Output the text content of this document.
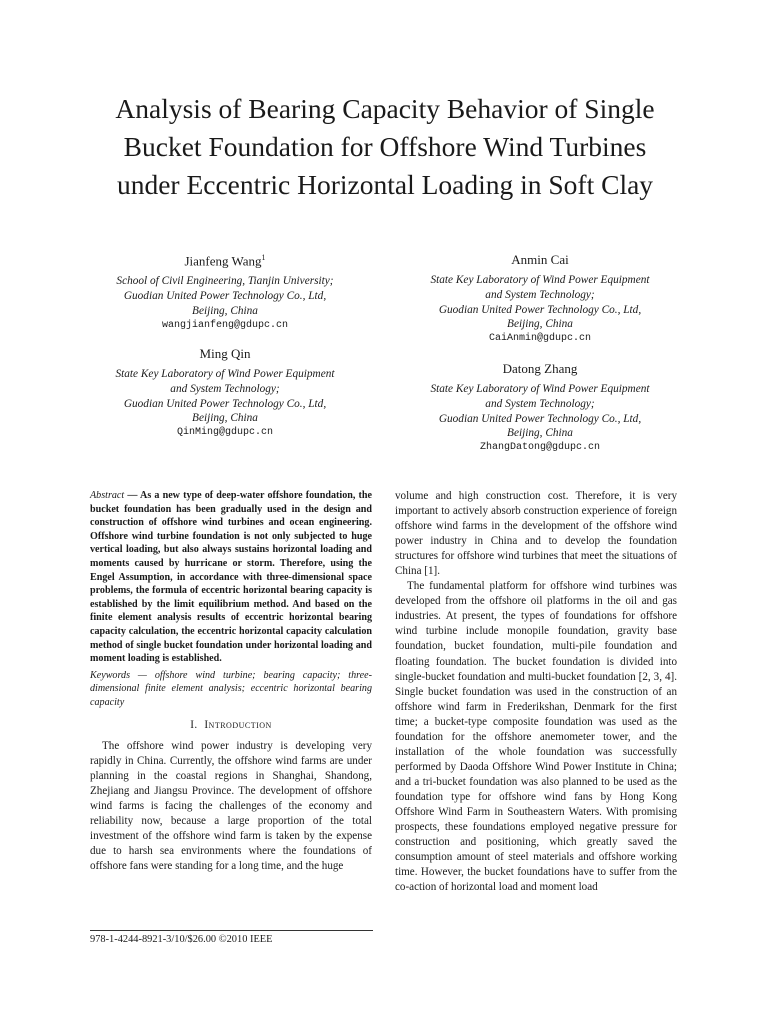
Analysis of Bearing Capacity Behavior of Single Bucket Foundation for Offshore Wind Turbines under Eccentric Horizontal Loading in Soft Clay
Jianfeng Wang$^1$
School of Civil Engineering, Tianjin University;
Guodian United Power Technology Co., Ltd,
Beijing, China
wangjianfeng@gdupc.cn
Anmin Cai
State Key Laboratory of Wind Power Equipment
and System Technology;
Guodian United Power Technology Co., Ltd,
Beijing, China
CaiAnmin@gdupc.cn
Ming Qin
State Key Laboratory of Wind Power Equipment
and System Technology;
Guodian United Power Technology Co., Ltd,
Beijing, China
QinMing@gdupc.cn
Datong Zhang
State Key Laboratory of Wind Power Equipment
and System Technology;
Guodian United Power Technology Co., Ltd,
Beijing, China
ZhangDatong@gdupc.cn
Abstract — As a new type of deep-water offshore foundation, the bucket foundation has been gradually used in the design and construction of offshore wind turbines and ocean engineering. Offshore wind turbine foundation is not only subjected to huge vertical loading, but also always sustains horizontal loading and moments caused by hurricane or storm. Therefore, using the Engel Assumption, in accordance with three-dimensional space problems, the formula of eccentric horizontal bearing capacity is established by the limit equilibrium method. And based on the finite element analysis results of eccentric horizontal bearing capacity calculation, the eccentric horizontal capacity calculation method of single bucket foundation under horizontal loading and moment loading is established.
Keywords — offshore wind turbine; bearing capacity; three-dimensional finite element analysis; eccentric horizontal bearing capacity
I. Introduction

The offshore wind power industry is developing very rapidly in China. Currently, the offshore wind farms are under planning in the coastal regions in Shanghai, Shandong, Zhejiang and Jiangsu Province. The development of offshore wind farms is facing the challenges of the economy and reliability now, because a large proportion of the total investment of the offshore wind farm is taken by the expense due to harsh sea environments where the foundations of offshore fans were standing for a long time, and the huge

volume and high construction cost. Therefore, it is very important to actively absorb construction experience of foreign offshore wind farms in the development of the offshore wind power industry in China and to develop the foundation structures for offshore wind turbines that meet the situations of China [1].

The fundamental platform for offshore wind turbines was developed from the offshore oil platforms in the oil and gas industries. At present, the types of foundations for offshore wind turbine include monopile foundation, gravity base foundation, bucket foundation, multi-pile foundation and floating foundation. The bucket foundation is divided into single-bucket foundation and multi-bucket foundation [2, 3, 4]. Single bucket foundation was used in the construction of an offshore wind farm in Frederikshan, Denmark for the first time; a bucket-type composite foundation was used as the foundation for the offshore anemometer tower, and the installation of the whole foundation was successfully performed by Daoda Offshore Wind Power Institute in China; and a tri-bucket foundation was also planned to be used as the foundation type for offshore wind fans by Hong Kong Offshore Wind Farm in Southeastern Waters. With promising prospects, these foundations employed negative pressure for construction and positioning, which greatly saved the consumption amount of steel materials and offshore working time. However, the bucket foundations have to suffer from the co-action of horizontal load and moment load

978-1-4244-8921-3/10/$26.00 ©2010 IEEE
